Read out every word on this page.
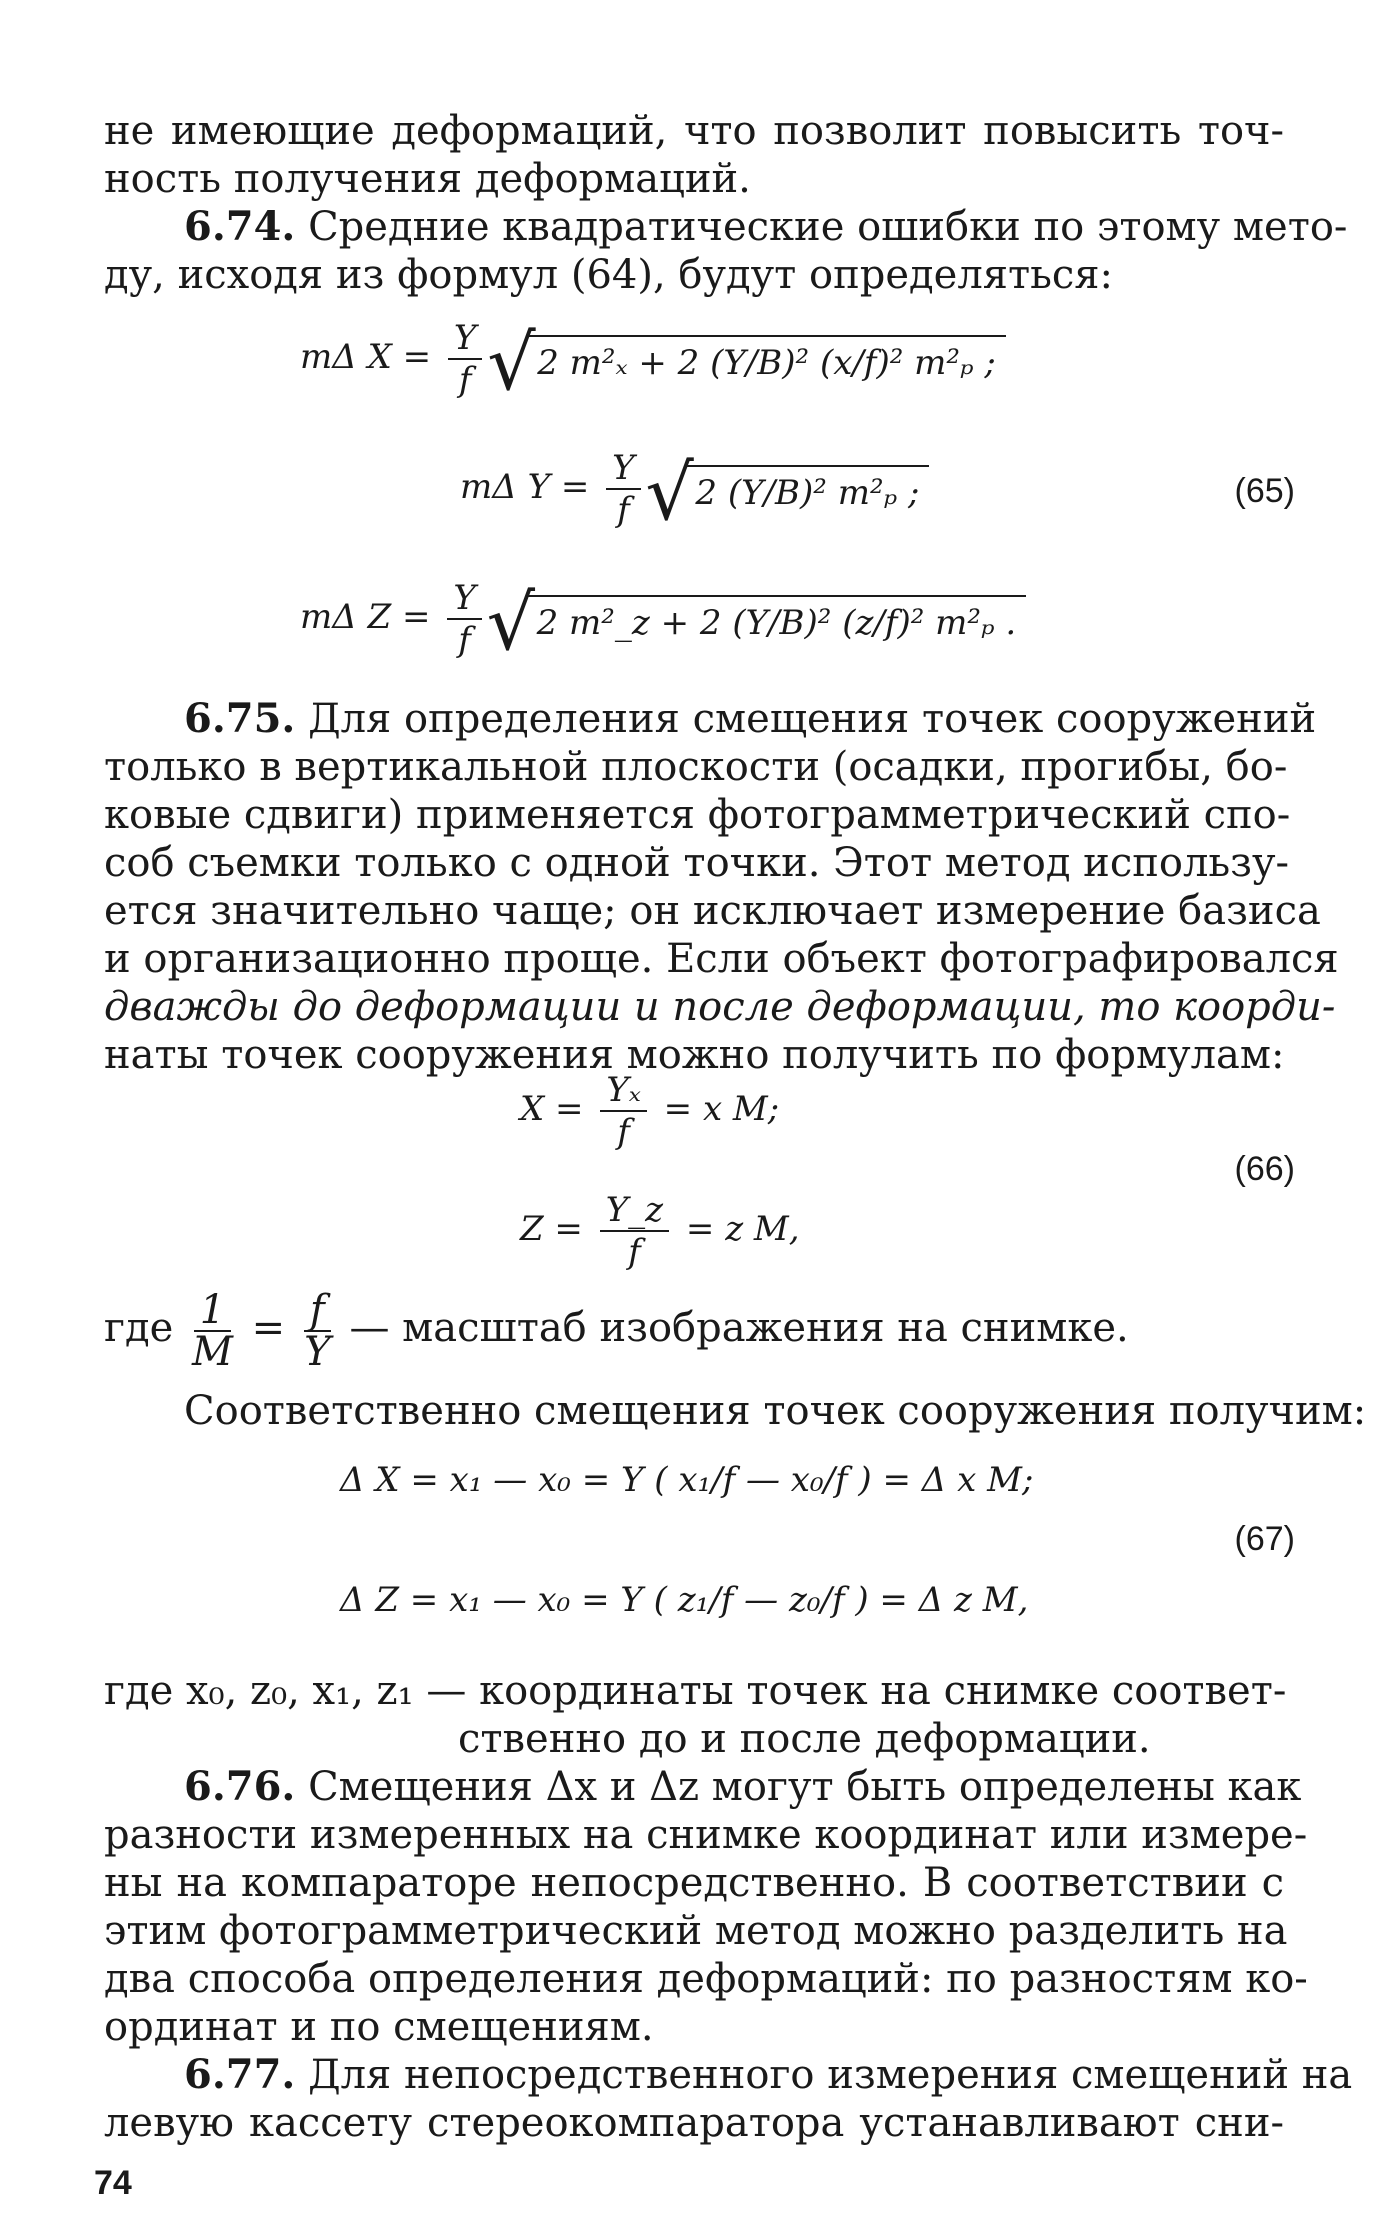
не имеющие деформаций, что позволит повысить точ-
ность получения деформаций.
6.74. Средние квадратические ошибки по этому мето-
ду, исходя из формул (64), будут определяться:
mΔ $X = \frac{Y}{f}$ √ 2 m²ₓ + 2 (Y/B)² (x/f)² m²ₚ ;
mΔ $Y = \frac{Y}{f}$ √ 2 (Y/B)² m²ₚ ;	(65)
mΔ $Z = \frac{Y}{f}$ √ 2 m²_z + 2 (Y/B)² (z/f)² m²ₚ .
6.75. Для определения смещения точек сооружений
только в вертикальной плоскости (осадки, прогибы, бо-
ковые сдвиги) применяется фотограмметрический спо-
соб съемки только с одной точки. Этот метод использу-
ется значительно чаще; он исключает измерение базиса
и организационно проще. Если объект фотографировался
дважды до деформации и после деформации, то коорди-
наты точек сооружения можно получить по формулам:
$X = \frac{\text{Yₓ}}{f} = x$ M;
(66)
$Z = \frac{Y\_z}{f} = z$ M,
где $\frac{1}{M} = \frac{f}{Y}$ — масштаб изображения на снимке.
Соответственно смещения точек сооружения получим:
Δ X = x₁ — x₀ = Y ( x₁/f — x₀/f ) = Δ x M;
(67)
Δ Z = x₁ — x₀ = Y ( z₁/f — z₀/f ) = Δ z M,
где x₀, z₀, x₁, z₁ — координаты точек на снимке соответ-
ственно до и после деформации.
6.76. Смещения Δx и Δz могут быть определены как
разности измеренных на снимке координат или измере-
ны на компараторе непосредственно. В соответствии с
этим фотограмметрический метод можно разделить на
два способа определения деформаций: по разностям ко-
ординат и по смещениям.
6.77. Для непосредственного измерения смещений на
левую кассету стереокомпаратора устанавливают сни-
74
